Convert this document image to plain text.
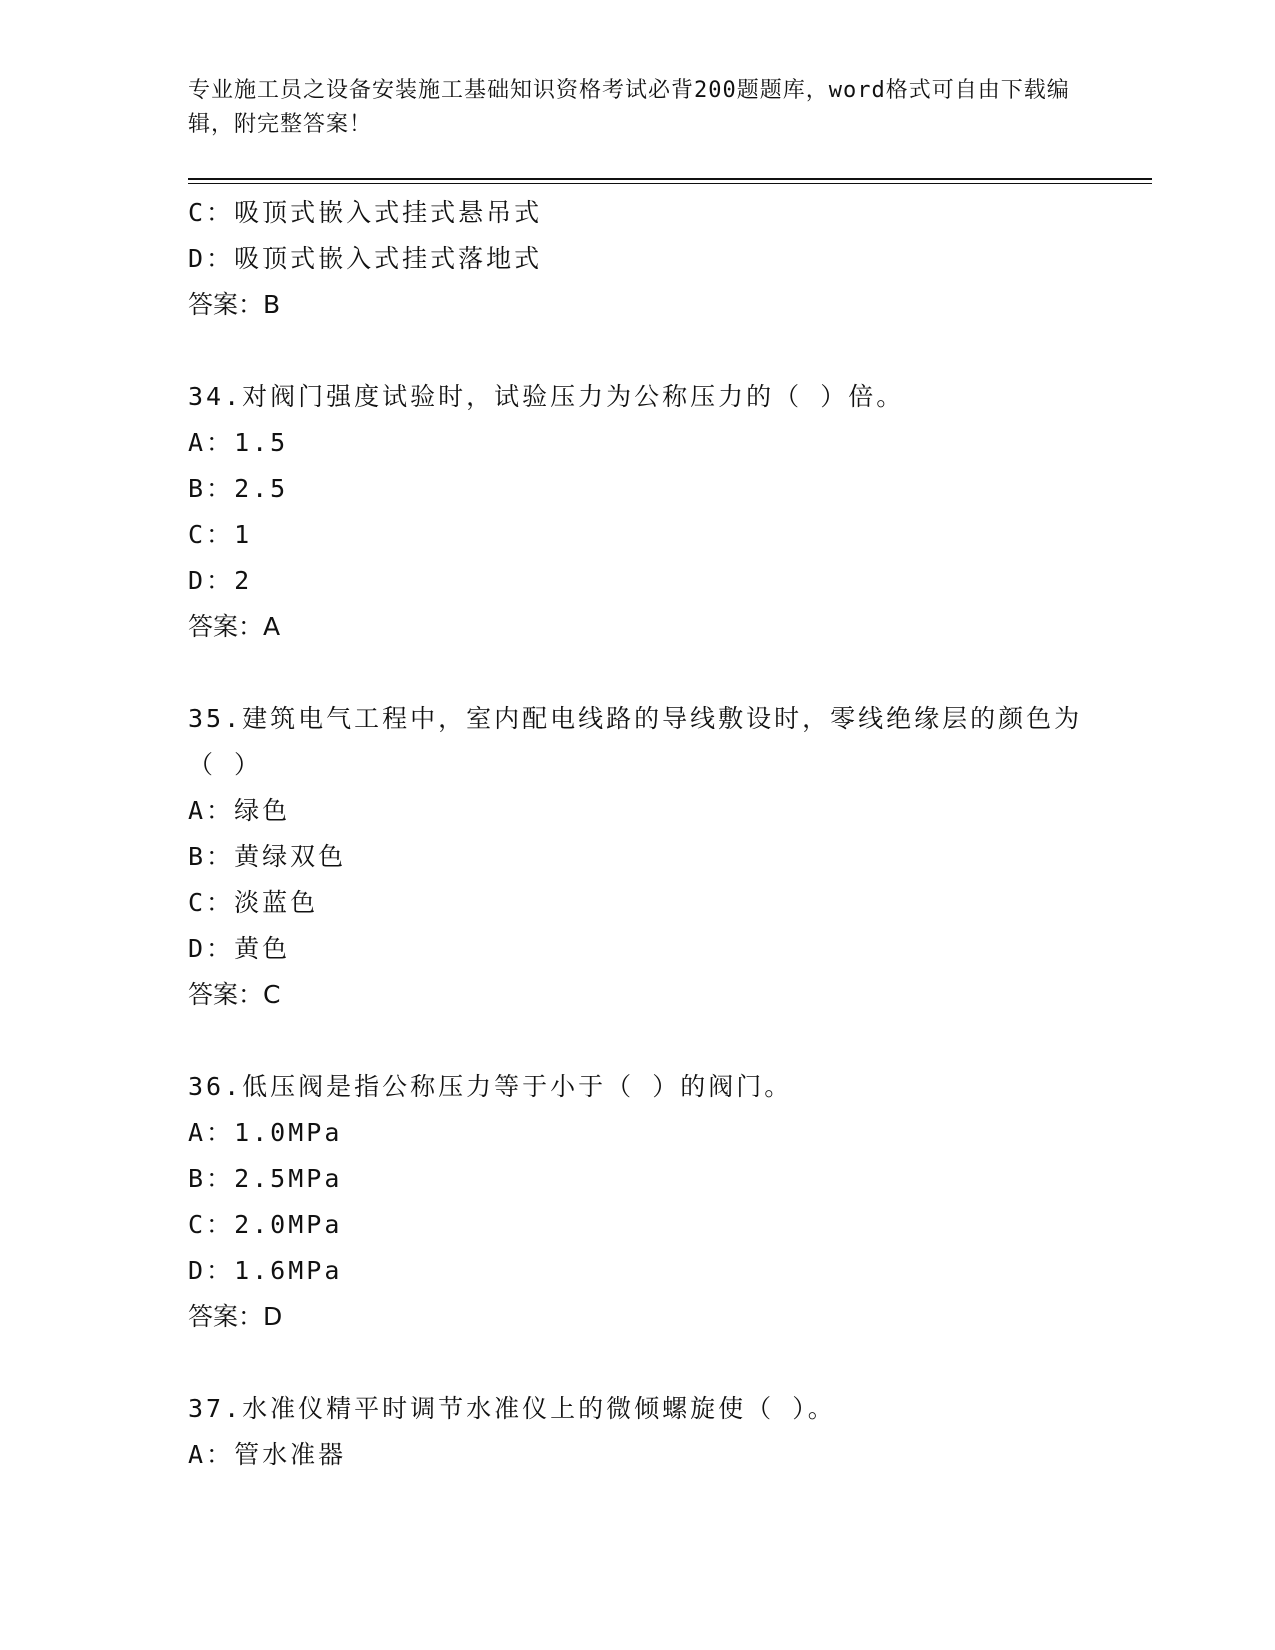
专业施工员之设备安装施工基础知识资格考试必背200题题库，word格式可自由下载编辑，附完整答案！
C：吸顶式嵌入式挂式悬吊式
D：吸顶式嵌入式挂式落地式
答案：B
34.对阀门强度试验时，试验压力为公称压力的（ ）倍。
A：1.5
B：2.5
C：1
D：2
答案：A
35.建筑电气工程中，室内配电线路的导线敷设时，零线绝缘层的颜色为（ ）
A：绿色
B：黄绿双色
C：淡蓝色
D：黄色
答案：C
36.低压阀是指公称压力等于小于（ ）的阀门。
A：1.0MPa
B：2.5MPa
C：2.0MPa
D：1.6MPa
答案：D
37.水准仪精平时调节水准仪上的微倾螺旋使（ ）。
A：管水准器
